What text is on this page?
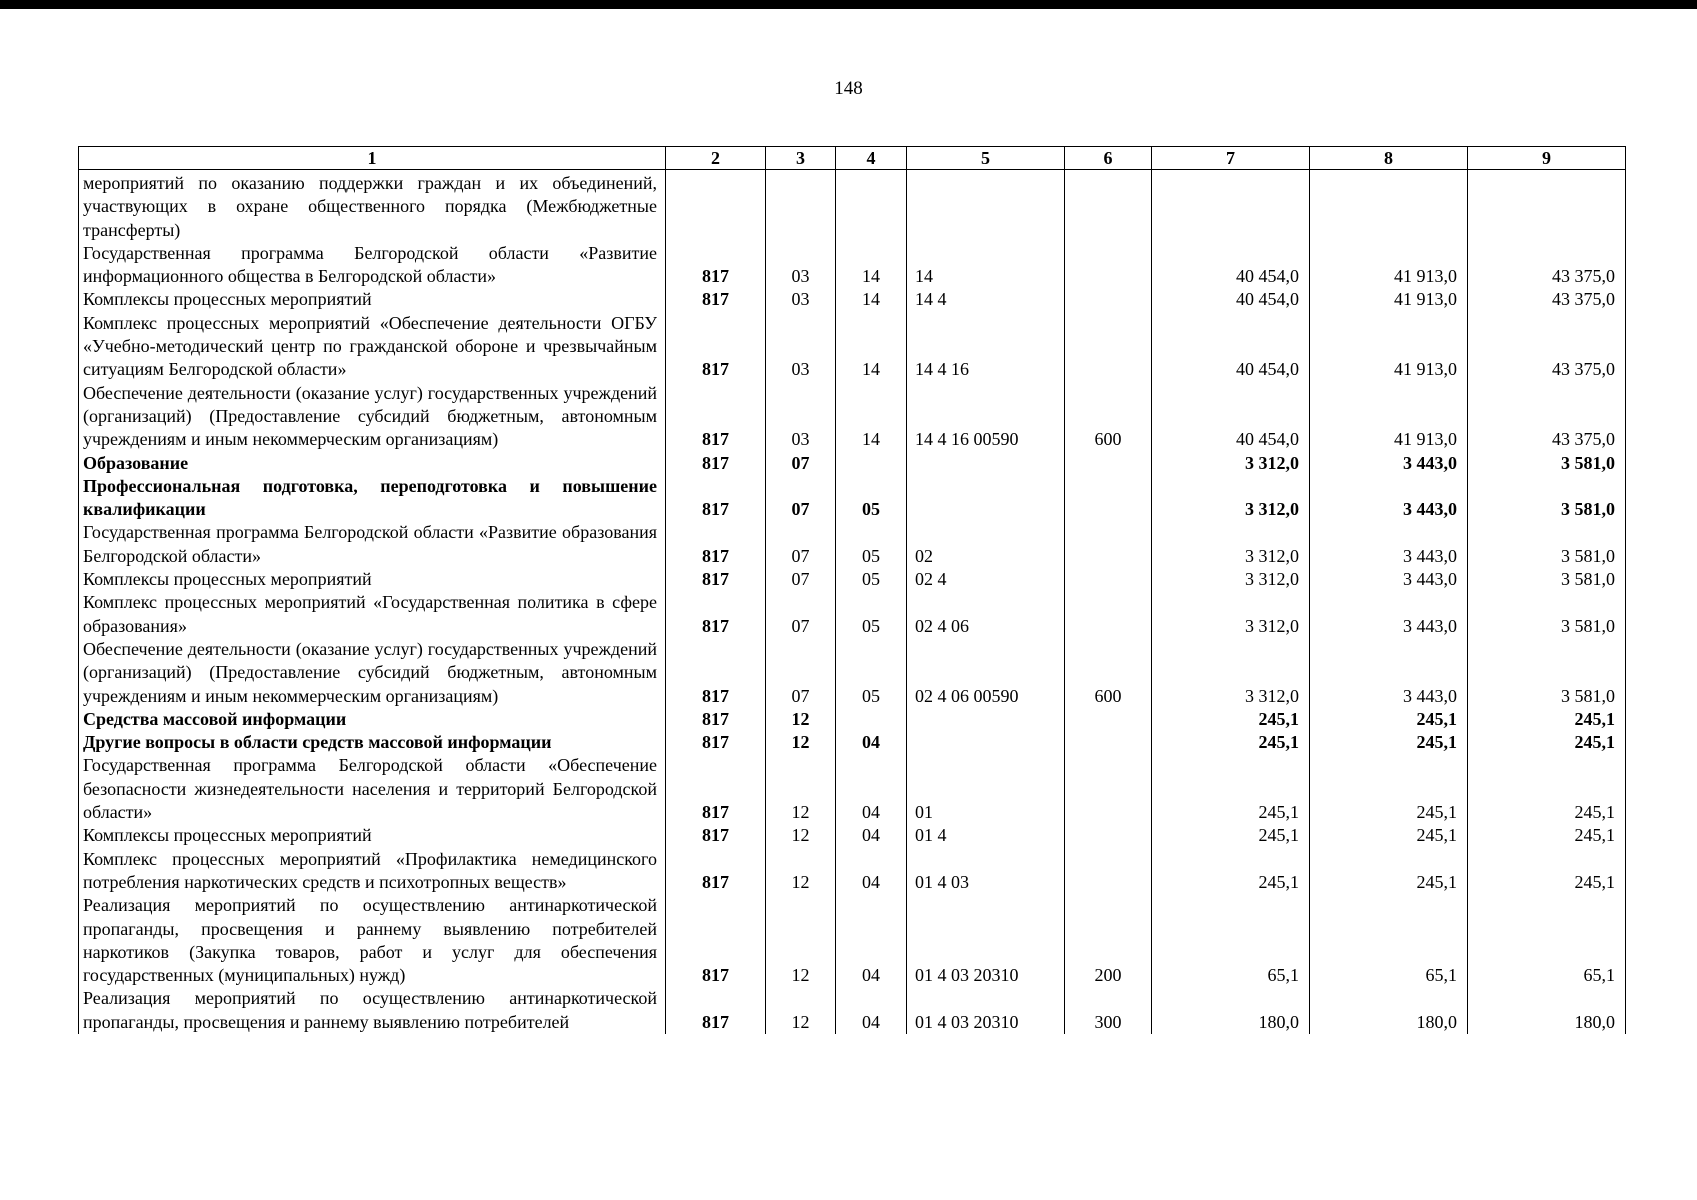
148
1	2	3	4	5	6	7	8	9

мероприятий по оказанию поддержки граждан и их объединений, участвующих в охране общественного порядка (Межбюджетные трансферты)								
Государственная программа Белгородской области «Развитие информационного общества в Белгородской области»	817	03	14	14		40 454,0	41 913,0	43 375,0
Комплексы процессных мероприятий	817	03	14	14 4		40 454,0	41 913,0	43 375,0
Комплекс процессных мероприятий «Обеспечение деятельности ОГБУ «Учебно-методический центр по гражданской обороне и чрезвычайным ситуациям Белгородской области»	817	03	14	14 4 16		40 454,0	41 913,0	43 375,0
Обеспечение деятельности (оказание услуг) государственных учреждений (организаций) (Предоставление субсидий бюджетным, автономным учреждениям и иным некоммерческим организациям)	817	03	14	14 4 16 00590	600	40 454,0	41 913,0	43 375,0
Образование	817	07				3 312,0	3 443,0	3 581,0
Профессиональная подготовка, переподготовка и повышение квалификации	817	07	05			3 312,0	3 443,0	3 581,0
Государственная программа Белгородской области «Развитие образования Белгородской области»	817	07	05	02		3 312,0	3 443,0	3 581,0
Комплексы процессных мероприятий	817	07	05	02 4		3 312,0	3 443,0	3 581,0
Комплекс процессных мероприятий «Государственная политика в сфере образования»	817	07	05	02 4 06		3 312,0	3 443,0	3 581,0
Обеспечение деятельности (оказание услуг) государственных учреждений (организаций) (Предоставление субсидий бюджетным, автономным учреждениям и иным некоммерческим организациям)	817	07	05	02 4 06 00590	600	3 312,0	3 443,0	3 581,0
Средства массовой информации	817	12				245,1	245,1	245,1
Другие вопросы в области средств массовой информации	817	12	04			245,1	245,1	245,1
Государственная программа Белгородской области «Обеспечение безопасности жизнедеятельности населения и территорий Белгородской области»	817	12	04	01		245,1	245,1	245,1
Комплексы процессных мероприятий	817	12	04	01 4		245,1	245,1	245,1
Комплекс процессных мероприятий «Профилактика немедицинского потребления наркотических средств и психотропных веществ»	817	12	04	01 4 03		245,1	245,1	245,1
Реализация мероприятий по осуществлению антинаркотической пропаганды, просвещения и раннему выявлению потребителей наркотиков (Закупка товаров, работ и услуг для обеспечения государственных (муниципальных) нужд)	817	12	04	01 4 03 20310	200	65,1	65,1	65,1
Реализация мероприятий по осуществлению антинаркотической пропаганды, просвещения и раннему выявлению потребителей	817	12	04	01 4 03 20310	300	180,0	180,0	180,0
